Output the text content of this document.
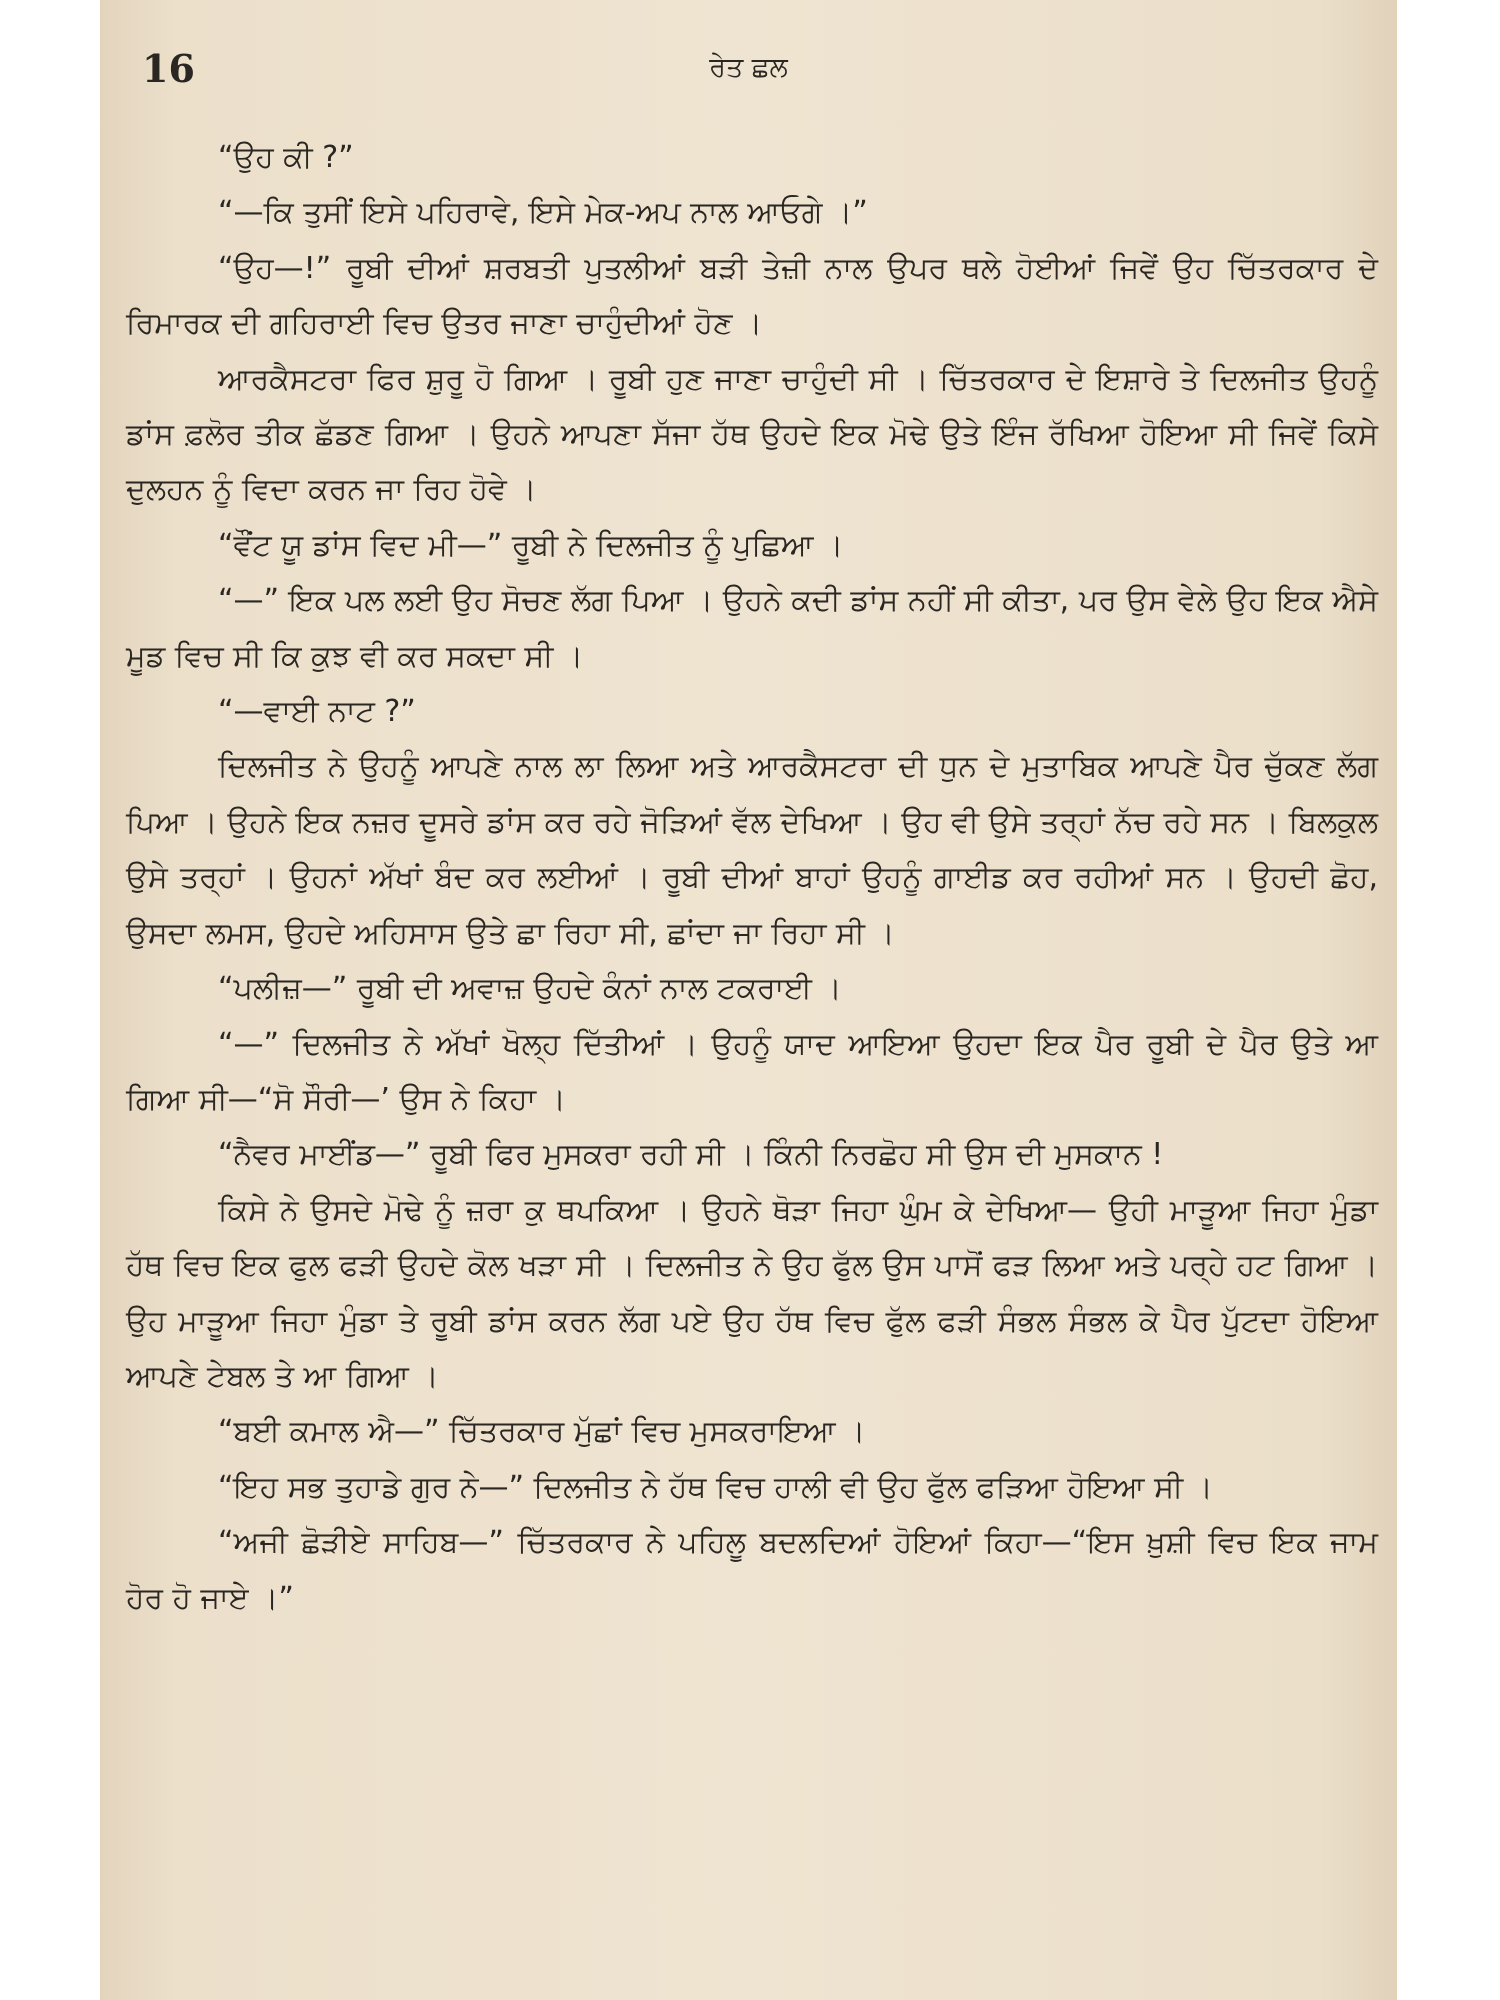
16	ਰੇਤ ਛਲ

“ਉਹ ਕੀ ?”

“—ਕਿ ਤੁਸੀਂ ਇਸੇ ਪਹਿਰਾਵੇ, ਇਸੇ ਮੇਕ-ਅਪ ਨਾਲ ਆਓਗੇ ।”

“ਉਹ—!” ਰੂਬੀ ਦੀਆਂ ਸ਼ਰਬਤੀ ਪੁਤਲੀਆਂ ਬੜੀ ਤੇਜ਼ੀ ਨਾਲ ਉਪਰ ਥਲੇ ਹੋਈਆਂ ਜਿਵੇਂ ਉਹ ਚਿੱਤਰਕਾਰ ਦੇ ਰਿਮਾਰਕ ਦੀ ਗਹਿਰਾਈ ਵਿਚ ਉਤਰ ਜਾਣਾ ਚਾਹੁੰਦੀਆਂ ਹੋਣ ।

ਆਰਕੈਸਟਰਾ ਫਿਰ ਸ਼ੁਰੂ ਹੋ ਗਿਆ । ਰੂਬੀ ਹੁਣ ਜਾਣਾ ਚਾਹੁੰਦੀ ਸੀ । ਚਿੱਤਰਕਾਰ ਦੇ ਇਸ਼ਾਰੇ ਤੇ ਦਿਲਜੀਤ ਉਹਨੂੰ ਡਾਂਸ ਫ਼ਲੋਰ ਤੀਕ ਛੱਡਣ ਗਿਆ । ਉਹਨੇ ਆਪਣਾ ਸੱਜਾ ਹੱਥ ਉਹਦੇ ਇਕ ਮੋਢੇ ਉਤੇ ਇੰਜ ਰੱਖਿਆ ਹੋਇਆ ਸੀ ਜਿਵੇਂ ਕਿਸੇ ਦੁਲਹਨ ਨੂੰ ਵਿਦਾ ਕਰਨ ਜਾ ਰਿਹ ਹੋਵੇ ।

“ਵੌਂਟ ਯੂ ਡਾਂਸ ਵਿਦ ਮੀ—” ਰੂਬੀ ਨੇ ਦਿਲਜੀਤ ਨੂੰ ਪੁਛਿਆ ।

“—” ਇਕ ਪਲ ਲਈ ਉਹ ਸੋਚਣ ਲੱਗ ਪਿਆ । ਉਹਨੇ ਕਦੀ ਡਾਂਸ ਨਹੀਂ ਸੀ ਕੀਤਾ, ਪਰ ਉਸ ਵੇਲੇ ਉਹ ਇਕ ਐਸੇ ਮੂਡ ਵਿਚ ਸੀ ਕਿ ਕੁਝ ਵੀ ਕਰ ਸਕਦਾ ਸੀ ।

“—ਵਾਈ ਨਾਟ ?”

ਦਿਲਜੀਤ ਨੇ ਉਹਨੂੰ ਆਪਣੇ ਨਾਲ ਲਾ ਲਿਆ ਅਤੇ ਆਰਕੈਸਟਰਾ ਦੀ ਧੁਨ ਦੇ ਮੁਤਾਬਿਕ ਆਪਣੇ ਪੈਰ ਚੁੱਕਣ ਲੱਗ ਪਿਆ । ਉਹਨੇ ਇਕ ਨਜ਼ਰ ਦੂਸਰੇ ਡਾਂਸ ਕਰ ਰਹੇ ਜੋੜਿਆਂ ਵੱਲ ਦੇਖਿਆ । ਉਹ ਵੀ ਉਸੇ ਤਰ੍ਹਾਂ ਨੱਚ ਰਹੇ ਸਨ । ਬਿਲਕੁਲ ਉਸੇ ਤਰ੍ਹਾਂ । ਉਹਨਾਂ ਅੱਖਾਂ ਬੰਦ ਕਰ ਲਈਆਂ । ਰੂਬੀ ਦੀਆਂ ਬਾਹਾਂ ਉਹਨੂੰ ਗਾਈਡ ਕਰ ਰਹੀਆਂ ਸਨ । ਉਹਦੀ ਛੋਹ, ਉਸਦਾ ਲਮਸ, ਉਹਦੇ ਅਹਿਸਾਸ ਉਤੇ ਛਾ ਰਿਹਾ ਸੀ, ਛਾਂਦਾ ਜਾ ਰਿਹਾ ਸੀ ।

“ਪਲੀਜ਼—” ਰੂਬੀ ਦੀ ਅਵਾਜ਼ ਉਹਦੇ ਕੰਨਾਂ ਨਾਲ ਟਕਰਾਈ ।

“—” ਦਿਲਜੀਤ ਨੇ ਅੱਖਾਂ ਖੋਲ੍ਹ ਦਿੱਤੀਆਂ । ਉਹਨੂੰ ਯਾਦ ਆਇਆ ਉਹਦਾ ਇਕ ਪੈਰ ਰੂਬੀ ਦੇ ਪੈਰ ਉਤੇ ਆ ਗਿਆ ਸੀ—“ਸੋ ਸੌਰੀ—’ ਉਸ ਨੇ ਕਿਹਾ ।

“ਨੈਵਰ ਮਾਈਂਡ—” ਰੂਬੀ ਫਿਰ ਮੁਸਕਰਾ ਰਹੀ ਸੀ । ਕਿੰਨੀ ਨਿਰਛੋਹ ਸੀ ਉਸ ਦੀ ਮੁਸਕਾਨ !

ਕਿਸੇ ਨੇ ਉਸਦੇ ਮੋਢੇ ਨੂੰ ਜ਼ਰਾ ਕੁ ਥਪਕਿਆ । ਉਹਨੇ ਥੋੜਾ ਜਿਹਾ ਘੁੰਮ ਕੇ ਦੇਖਿਆ— ਉਹੀ ਮਾੜੂਆ ਜਿਹਾ ਮੁੰਡਾ ਹੱਥ ਵਿਚ ਇਕ ਫੁਲ ਫੜੀ ਉਹਦੇ ਕੋਲ ਖੜਾ ਸੀ । ਦਿਲਜੀਤ ਨੇ ਉਹ ਫੁੱਲ ਉਸ ਪਾਸੋਂ ਫੜ ਲਿਆ ਅਤੇ ਪਰ੍ਹੇ ਹਟ ਗਿਆ । ਉਹ ਮਾੜੂਆ ਜਿਹਾ ਮੁੰਡਾ ਤੇ ਰੂਬੀ ਡਾਂਸ ਕਰਨ ਲੱਗ ਪਏ ਉਹ ਹੱਥ ਵਿਚ ਫੁੱਲ ਫੜੀ ਸੰਭਲ ਸੰਭਲ ਕੇ ਪੈਰ ਪੁੱਟਦਾ ਹੋਇਆ ਆਪਣੇ ਟੇਬਲ ਤੇ ਆ ਗਿਆ ।

“ਬਈ ਕਮਾਲ ਐ—” ਚਿੱਤਰਕਾਰ ਮੁੱਛਾਂ ਵਿਚ ਮੁਸਕਰਾਇਆ ।

“ਇਹ ਸਭ ਤੁਹਾਡੇ ਗੁਰ ਨੇ—” ਦਿਲਜੀਤ ਨੇ ਹੱਥ ਵਿਚ ਹਾਲੀ ਵੀ ਉਹ ਫੁੱਲ ਫੜਿਆ ਹੋਇਆ ਸੀ ।

“ਅਜੀ ਛੋੜੀਏ ਸਾਹਿਬ—” ਚਿੱਤਰਕਾਰ ਨੇ ਪਹਿਲੂ ਬਦਲਦਿਆਂ ਹੋਇਆਂ ਕਿਹਾ—“ਇਸ ਖ਼ੁਸ਼ੀ ਵਿਚ ਇਕ ਜਾਮ ਹੋਰ ਹੋ ਜਾਏ ।”
